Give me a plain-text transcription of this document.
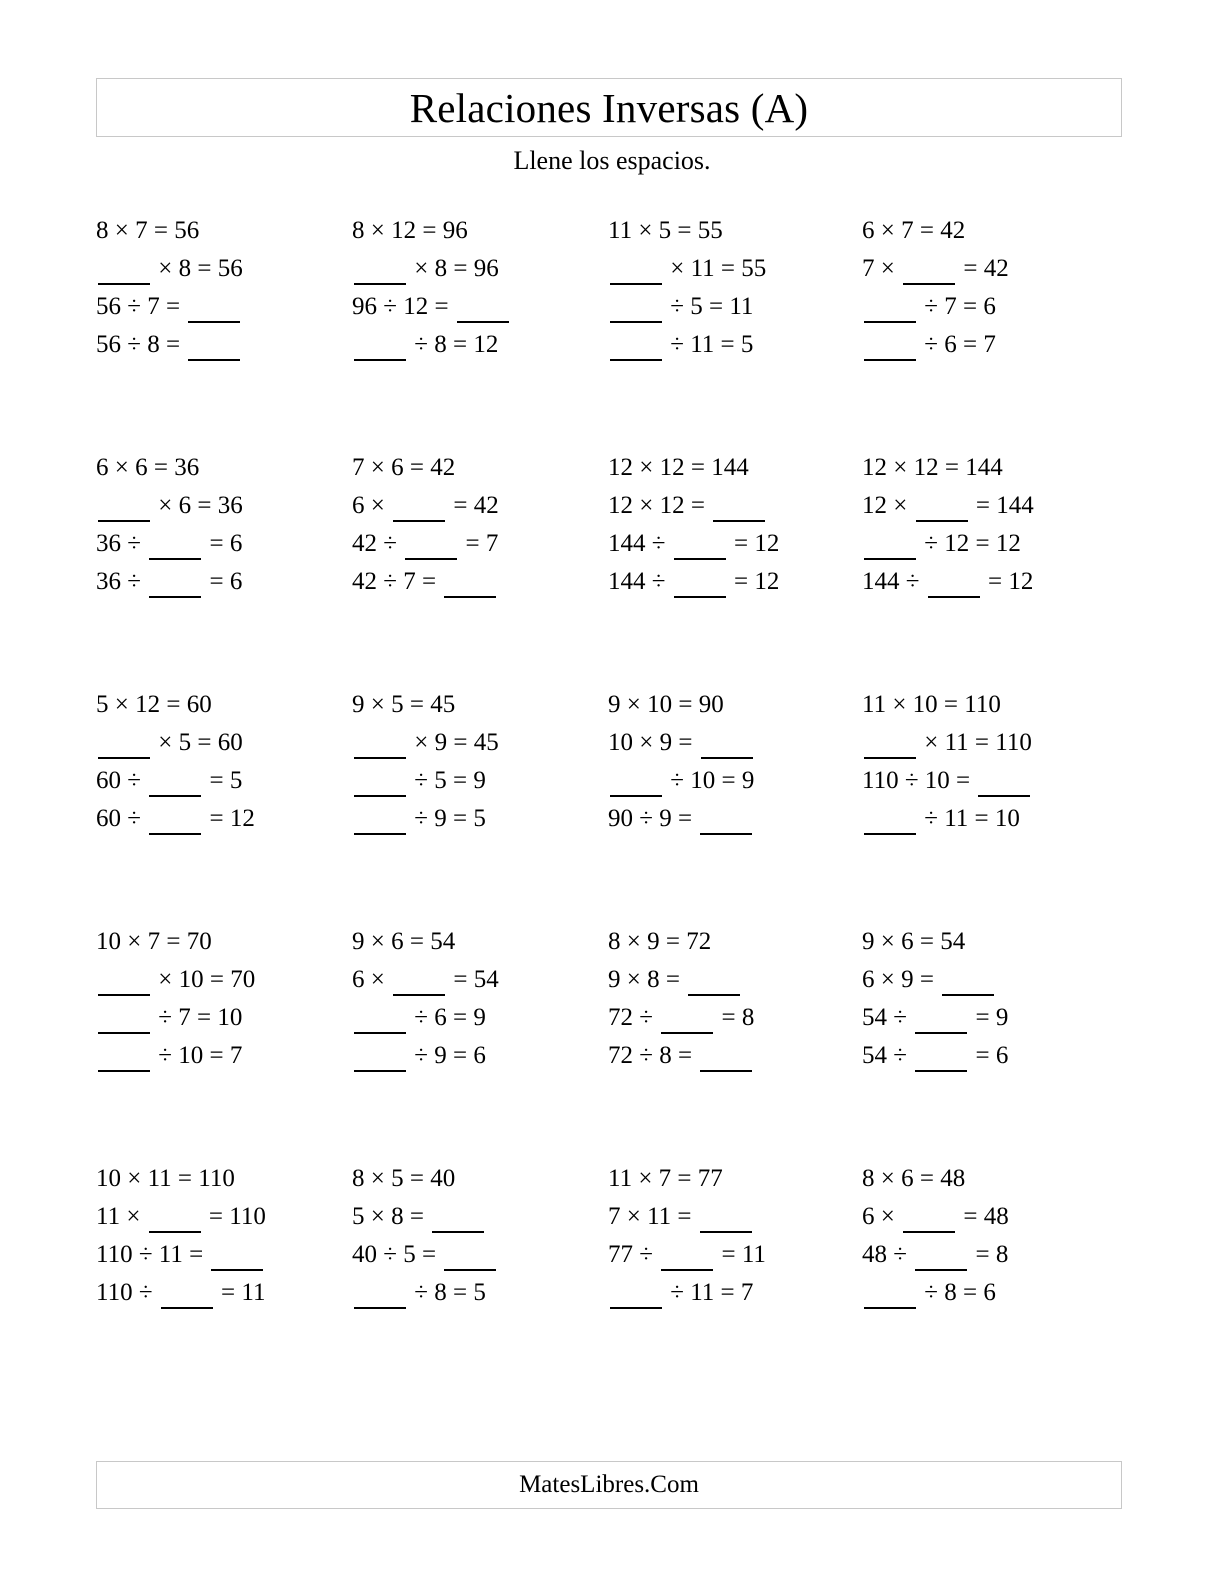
Relaciones Inversas (A)
Llene los espacios.
8 × 7 = 56
× 8 = 56
56 ÷ 7 =
56 ÷ 8 =
8 × 12 = 96
× 8 = 96
96 ÷ 12 =
÷ 8 = 12
11 × 5 = 55
× 11 = 55
÷ 5 = 11
÷ 11 = 5
6 × 7 = 42
7 ×  = 42
÷ 7 = 6
÷ 6 = 7
6 × 6 = 36
× 6 = 36
36 ÷  = 6
36 ÷  = 6
7 × 6 = 42
6 ×  = 42
42 ÷  = 7
42 ÷ 7 =
12 × 12 = 144
12 × 12 =
144 ÷  = 12
144 ÷  = 12
12 × 12 = 144
12 ×  = 144
÷ 12 = 12
144 ÷  = 12
5 × 12 = 60
× 5 = 60
60 ÷  = 5
60 ÷  = 12
9 × 5 = 45
× 9 = 45
÷ 5 = 9
÷ 9 = 5
9 × 10 = 90
10 × 9 =
÷ 10 = 9
90 ÷ 9 =
11 × 10 = 110
× 11 = 110
110 ÷ 10 =
÷ 11 = 10
10 × 7 = 70
× 10 = 70
÷ 7 = 10
÷ 10 = 7
9 × 6 = 54
6 ×  = 54
÷ 6 = 9
÷ 9 = 6
8 × 9 = 72
9 × 8 =
72 ÷  = 8
72 ÷ 8 =
9 × 6 = 54
6 × 9 =
54 ÷  = 9
54 ÷  = 6
10 × 11 = 110
11 ×  = 110
110 ÷ 11 =
110 ÷  = 11
8 × 5 = 40
5 × 8 =
40 ÷ 5 =
÷ 8 = 5
11 × 7 = 77
7 × 11 =
77 ÷  = 11
÷ 11 = 7
8 × 6 = 48
6 ×  = 48
48 ÷  = 8
÷ 8 = 6
MatesLibres.Com
